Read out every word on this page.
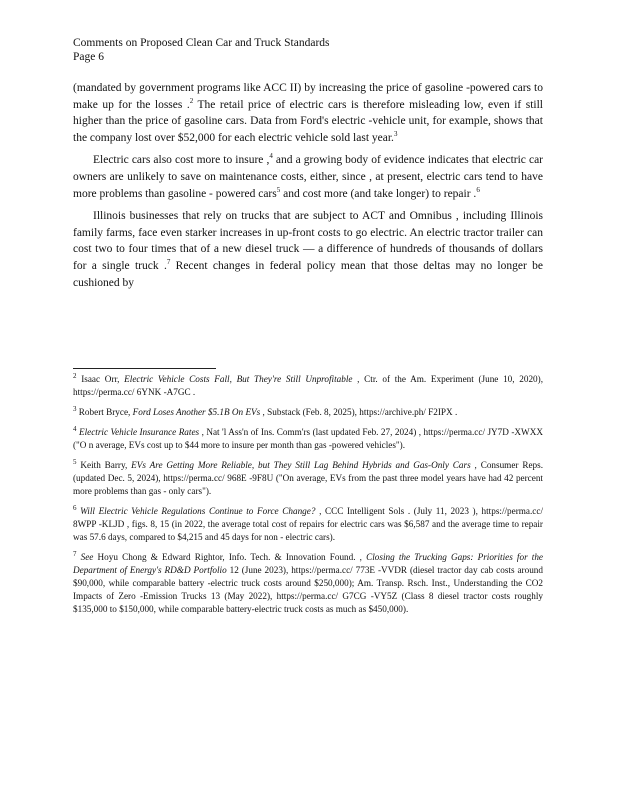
Comments on Proposed Clean Car and Truck Standards
Page 6

(mandated by government programs like ACC II) by increasing the price of gasoline -powered cars to make up for the losses .$^2$ The retail price of electric cars is therefore misleading low, even if still higher than the price of gasoline cars. Data from Ford's electric -vehicle unit, for example, shows that the company lost over $52,000 for each electric vehicle sold last year.$^3$

Electric cars also cost more to insure ,$^4$ and a growing body of evidence indicates that electric car owners are unlikely to save on maintenance costs, either, since , at present, electric cars tend to have more problems than gasoline - powered cars$^5$ and cost more (and take longer) to repair .$^6$

Illinois businesses that rely on trucks that are subject to ACT and Omnibus , including Illinois family farms, face even starker increases in up-front costs to go electric. An electric tractor trailer can cost two to four times that of a new diesel truck — a difference of hundreds of thousands of dollars for a single truck .$^7$ Recent changes in federal policy mean that those deltas may no longer be cushioned by

$^2$ Isaac Orr, Electric Vehicle Costs Fall, But They're Still Unprofitable , Ctr. of the Am. Experiment (June 10, 2020), https://perma.cc/ 6YNK -A7GC .
$^3$ Robert Bryce, Ford Loses Another $5.1B On EVs , Substack (Feb. 8, 2025), https://archive.ph/ F2IPX .
$^4$ Electric Vehicle Insurance Rates , Nat 'l Ass'n of Ins. Comm'rs (last updated Feb. 27, 2024) , https://perma.cc/ JY7D -XWXX ("O n average, EVs cost up to $44 more to insure per month than gas -powered vehicles").
$^5$ Keith Barry, EVs Are Getting More Reliable, but They Still Lag Behind Hybrids and Gas-Only Cars , Consumer Reps. (updated Dec. 5, 2024), https://perma.cc/ 968E -9F8U ("On average, EVs from the past three model years have had 42 percent more problems than gas - only cars").
$^6$ Will Electric Vehicle Regulations Continue to Force Change? , CCC Intelligent Sols . (July 11, 2023 ), https://perma.cc/ 8WPP -KLJD , figs. 8, 15 (in 2022, the average total cost of repairs for electric cars was $6,587 and the average time to repair was 57.6 days, compared to $4,215 and 45 days for non - electric cars).
$^7$ See Hoyu Chong & Edward Rightor, Info. Tech. & Innovation Found. , Closing the Trucking Gaps: Priorities for the Department of Energy's RD&D Portfolio 12 (June 2023), https://perma.cc/ 773E -VVDR (diesel tractor day cab costs around $90,000, while comparable battery -electric truck costs around $250,000); Am. Transp. Rsch. Inst., Understanding the CO2 Impacts of Zero -Emission Trucks 13 (May 2022), https://perma.cc/ G7CG -VY5Z (Class 8 diesel tractor costs roughly $135,000 to $150,000, while comparable battery-electric truck costs as much as $450,000).
